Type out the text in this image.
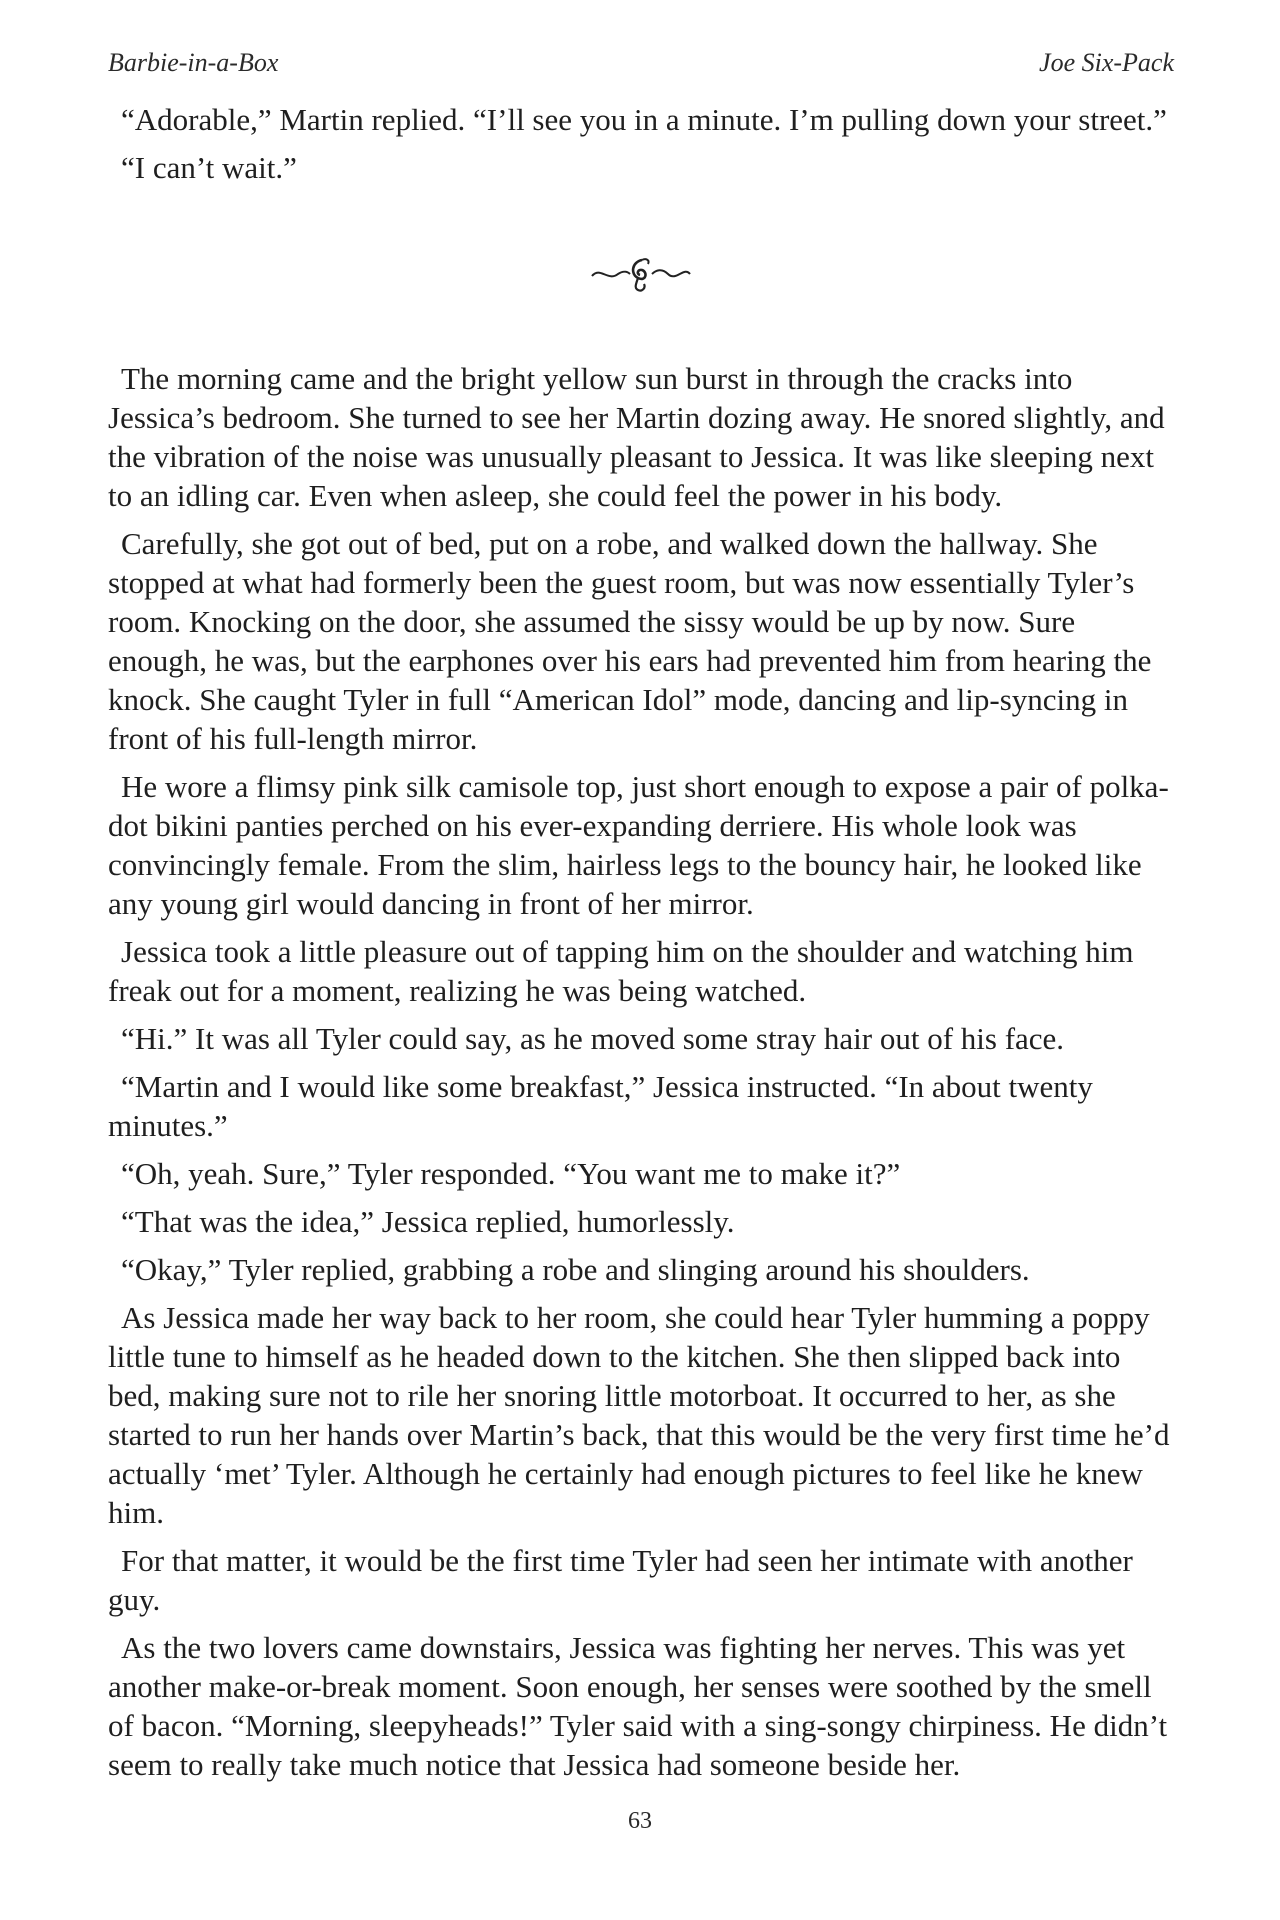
Barbie-in-a-Box	Joe Six-Pack

“Adorable,” Martin replied. “I’ll see you in a minute. I’m pulling down your street.”

“I can’t wait.”

The morning came and the bright yellow sun burst in through the cracks into Jessica’s bedroom. She turned to see her Martin dozing away. He snored slightly, and the vibration of the noise was unusually pleasant to Jessica. It was like sleeping next to an idling car. Even when asleep, she could feel the power in his body.

Carefully, she got out of bed, put on a robe, and walked down the hallway. She stopped at what had formerly been the guest room, but was now essentially Tyler’s room. Knocking on the door, she assumed the sissy would be up by now. Sure enough, he was, but the earphones over his ears had prevented him from hearing the knock. She caught Tyler in full “American Idol” mode, dancing and lip-syncing in front of his full-length mirror.

He wore a flimsy pink silk camisole top, just short enough to expose a pair of polka-dot bikini panties perched on his ever-expanding derriere. His whole look was convincingly female. From the slim, hairless legs to the bouncy hair, he looked like any young girl would dancing in front of her mirror.

Jessica took a little pleasure out of tapping him on the shoulder and watching him freak out for a moment, realizing he was being watched.

“Hi.” It was all Tyler could say, as he moved some stray hair out of his face.

“Martin and I would like some breakfast,” Jessica instructed. “In about twenty minutes.”

“Oh, yeah. Sure,” Tyler responded. “You want me to make it?”

“That was the idea,” Jessica replied, humorlessly.

“Okay,” Tyler replied, grabbing a robe and slinging around his shoulders.

As Jessica made her way back to her room, she could hear Tyler humming a poppy little tune to himself as he headed down to the kitchen. She then slipped back into bed, making sure not to rile her snoring little motorboat. It occurred to her, as she started to run her hands over Martin’s back, that this would be the very first time he’d actually ‘met’ Tyler. Although he certainly had enough pictures to feel like he knew him.

For that matter, it would be the first time Tyler had seen her intimate with another guy.

As the two lovers came downstairs, Jessica was fighting her nerves. This was yet another make-or-break moment. Soon enough, her senses were soothed by the smell of bacon. “Morning, sleepyheads!” Tyler said with a sing-songy chirpiness. He didn’t seem to really take much notice that Jessica had someone beside her.

63
